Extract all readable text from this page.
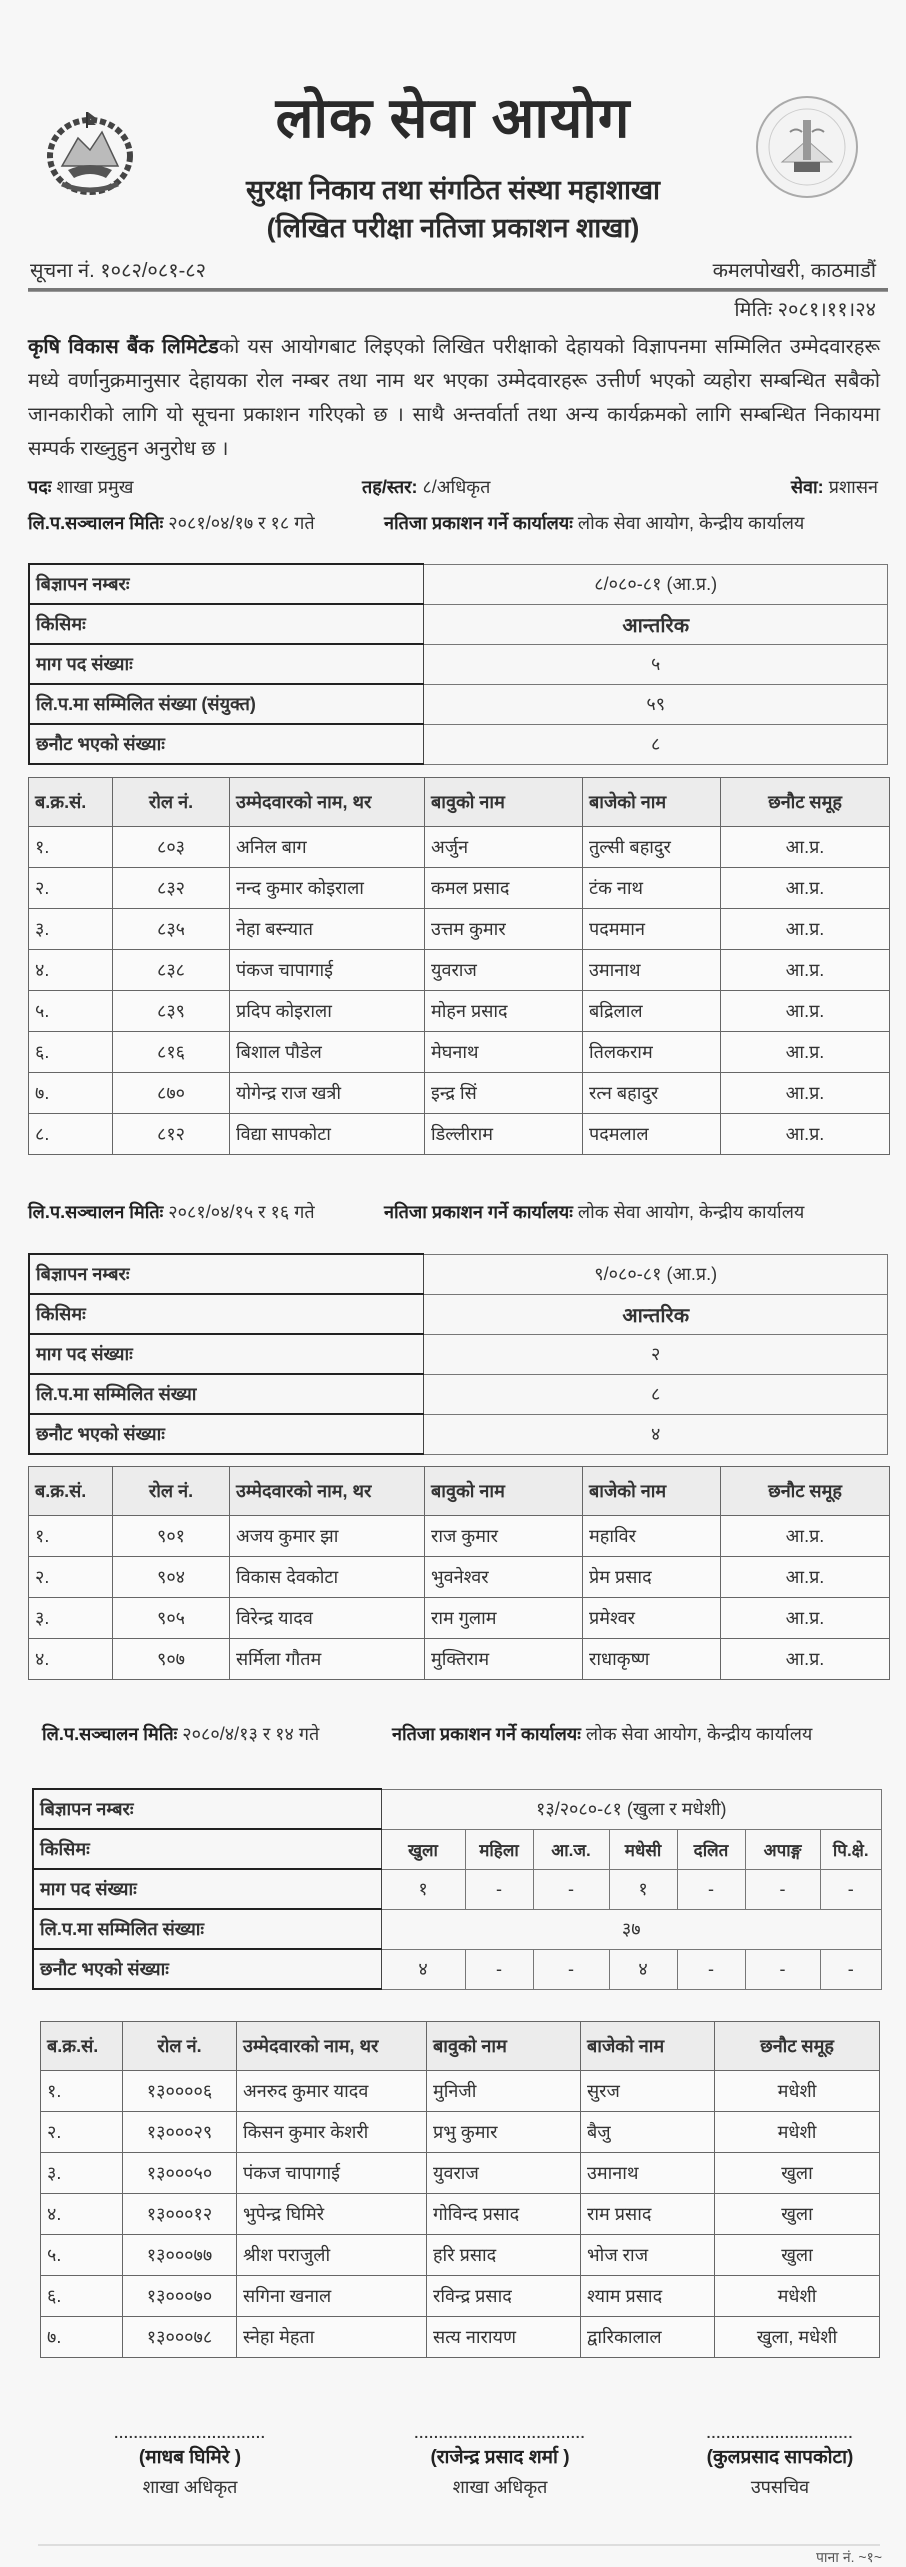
लोक सेवा आयोग
सुरक्षा निकाय तथा संगठित संस्था महाशाखा
(लिखित परीक्षा नतिजा प्रकाशन शाखा)
सूचना नं. १०८२/०८१-८२	कमलपोखरी, काठमाडौं
मितिः २०८१।११।२४
कृषि विकास बैंक लिमिटेडको यस आयोगबाट लिइएको लिखित परीक्षाको देहायको विज्ञापनमा सम्मिलित उम्मेदवारहरू मध्ये वर्णानुक्रमानुसार देहायका रोल नम्बर तथा नाम थर भएका उम्मेदवारहरू उत्तीर्ण भएको व्यहोरा सम्बन्धित सबैको जानकारीको लागि यो सूचना प्रकाशन गरिएको छ । साथै अन्तर्वार्ता तथा अन्य कार्यक्रमको लागि सम्बन्धित निकायमा सम्पर्क राख्नुहुन अनुरोध छ ।
पदः शाखा प्रमुख	तह/स्तर: ८/अधिकृत	सेवा: प्रशासन
लि.प.सञ्चालन मितिः २०८१/०४/१७ र १८ गते	नतिजा प्रकाशन गर्ने कार्यालयः लोक सेवा आयोग, केन्द्रीय कार्यालय
बिज्ञापन नम्बरः	८/०८०-८१ (आ.प्र.)
किसिमः	आन्तरिक
माग पद संख्याः	५
लि.प.मा सम्मिलित संख्या (संयुक्त)	५९
छनौट भएको संख्याः	८
ब.क्र.सं.	रोल नं.	उम्मेदवारको नाम, थर	बावुको नाम	बाजेको नाम	छनौट समूह
१.	८०३	अनिल बाग	अर्जुन	तुल्सी बहादुर	आ.प्र.
२.	८३२	नन्द कुमार कोइराला	कमल प्रसाद	टंक नाथ	आ.प्र.
३.	८३५	नेहा बस्न्यात	उत्तम कुमार	पदममान	आ.प्र.
४.	८३८	पंकज चापागाई	युवराज	उमानाथ	आ.प्र.
५.	८३९	प्रदिप कोइराला	मोहन प्रसाद	बद्रिलाल	आ.प्र.
६.	८१६	बिशाल पौडेल	मेघनाथ	तिलकराम	आ.प्र.
७.	८७०	योगेन्द्र राज खत्री	इन्द्र सिं	रत्न बहादुर	आ.प्र.
८.	८१२	विद्या सापकोटा	डिल्लीराम	पदमलाल	आ.प्र.
लि.प.सञ्चालन मितिः २०८१/०४/१५ र १६ गते	नतिजा प्रकाशन गर्ने कार्यालयः लोक सेवा आयोग, केन्द्रीय कार्यालय
बिज्ञापन नम्बरः	९/०८०-८१ (आ.प्र.)
किसिमः	आन्तरिक
माग पद संख्याः	२
लि.प.मा सम्मिलित संख्या	८
छनौट भएको संख्याः	४
ब.क्र.सं.	रोल नं.	उम्मेदवारको नाम, थर	बावुको नाम	बाजेको नाम	छनौट समूह
१.	९०१	अजय कुमार झा	राज कुमार	महाविर	आ.प्र.
२.	९०४	विकास देवकोटा	भुवनेश्वर	प्रेम प्रसाद	आ.प्र.
३.	९०५	विरेन्द्र यादव	राम गुलाम	प्रमेश्वर	आ.प्र.
४.	९०७	सर्मिला गौतम	मुक्तिराम	राधाकृष्ण	आ.प्र.
लि.प.सञ्चालन मितिः २०८०/४/१३ र १४ गते	नतिजा प्रकाशन गर्ने कार्यालयः लोक सेवा आयोग, केन्द्रीय कार्यालय
बिज्ञापन नम्बरः	१३/२०८०-८१ (खुला र मधेशी)						
किसिमः	खुला	महिला	आ.ज.	मधेसी	दलित	अपाङ्ग	पि.क्षे.
माग पद संख्याः	१	-	-	१	-	-	-
लि.प.मा सम्मिलित संख्याः	३७						
छनौट भएको संख्याः	४	-	-	४	-	-	-
ब.क्र.सं.	रोल नं.	उम्मेदवारको नाम, थर	बावुको नाम	बाजेको नाम	छनौट समूह
१.	१३००००६	अनरुद कुमार यादव	मुनिजी	सुरज	मधेशी
२.	१३०००२९	किसन कुमार केशरी	प्रभु कुमार	बैजु	मधेशी
३.	१३०००५०	पंकज चापागाई	युवराज	उमानाथ	खुला
४.	१३०००१२	भुपेन्द्र घिमिरे	गोविन्द प्रसाद	राम प्रसाद	खुला
५.	१३०००७७	श्रीश पराजुली	हरि प्रसाद	भोज राज	खुला
६.	१३०००७०	सगिना खनाल	रविन्द्र प्रसाद	श्याम प्रसाद	मधेशी
७.	१३०००७८	स्नेहा मेहता	सत्य नारायण	द्वारिकालाल	खुला, मधेशी
...............................
(माधब घिमिरे )
शाखा अधिकृत
...................................
(राजेन्द्र प्रसाद शर्मा )
शाखा अधिकृत
..............................
(कुलप्रसाद सापकोटा)
उपसचिव
पाना नं. ~१~
